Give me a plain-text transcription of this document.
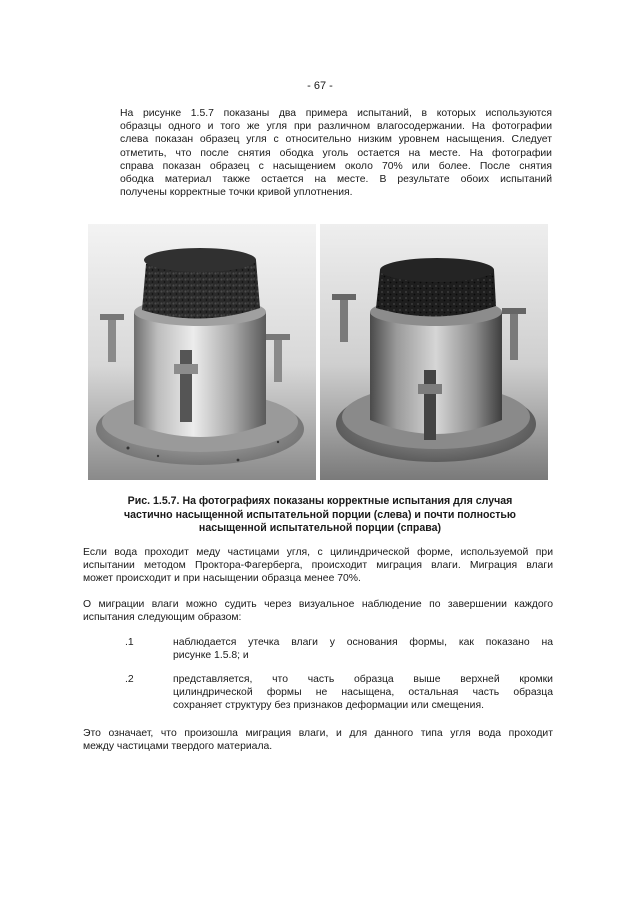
- 67 -
На рисунке 1.5.7 показаны два примера испытаний, в которых используются
образцы одного и того же угля при различном влагосодержании. На фотографии
слева показан образец угля с относительно низким уровнем насыщения. Следует
отметить, что после снятия ободка уголь остается на месте. На фотографии
справа показан образец с насыщением около 70% или более. После снятия
ободка материал также остается на месте. В результате обоих испытаний
получены корректные точки кривой уплотнения.
Рис. 1.5.7. На фотографиях показаны корректные испытания для случая
частично насыщенной испытательной порции (слева) и почти полностью
насыщенной испытательной порции (справа)
Если вода проходит меду частицами угля, с цилиндрической форме, используемой при
испытании методом Проктора-Фагерберга, происходит миграция влаги. Миграция влаги
может происходит и при насыщении образца менее 70%.
О миграции влаги можно судить через визуальное наблюдение по завершении каждого
испытания следующим образом:
.1	наблюдается утечка влаги у основания формы, как показано на
рисунке 1.5.8; и
.2	представляется, что часть образца выше верхней кромки
цилиндрической формы не насыщена, остальная часть образца
сохраняет структуру без признаков деформации или смещения.
Это означает, что произошла миграция влаги, и для данного типа угля вода проходит
между частицами твердого материала.
